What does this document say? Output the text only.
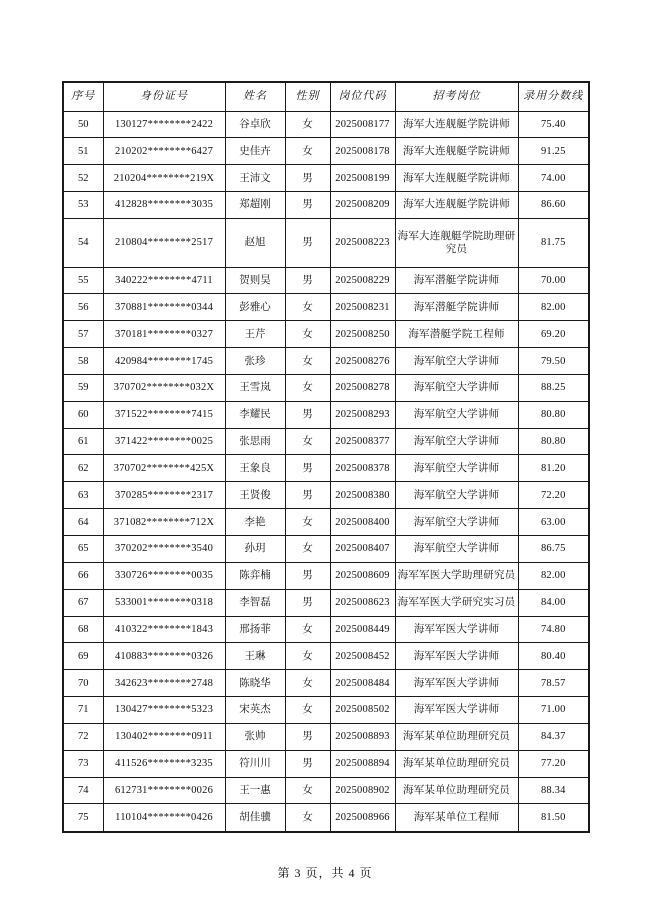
序号	身份证号	姓名	性别	岗位代码	招考岗位	录用分数线
50	130127********2422	谷卓欣	女	2025008177	海军大连舰艇学院讲师	75.40
51	210202********6427	史佳卉	女	2025008178	海军大连舰艇学院讲师	91.25
52	210204********219X	王沛文	男	2025008199	海军大连舰艇学院讲师	74.00
53	412828********3035	郑超刚	男	2025008209	海军大连舰艇学院讲师	86.60
54	210804********2517	赵旭	男	2025008223	海军大连舰艇学院助理研究员	81.75
55	340222********4711	贺则昊	男	2025008229	海军潜艇学院讲师	70.00
56	370881********0344	彭雅心	女	2025008231	海军潜艇学院讲师	82.00
57	370181********0327	王芹	女	2025008250	海军潜艇学院工程师	69.20
58	420984********1745	张珍	女	2025008276	海军航空大学讲师	79.50
59	370702********032X	王雪岚	女	2025008278	海军航空大学讲师	88.25
60	371522********7415	李耀民	男	2025008293	海军航空大学讲师	80.80
61	371422********0025	张思雨	女	2025008377	海军航空大学讲师	80.80
62	370702********425X	王象良	男	2025008378	海军航空大学讲师	81.20
63	370285********2317	王贤俊	男	2025008380	海军航空大学讲师	72.20
64	371082********712X	李艳	女	2025008400	海军航空大学讲师	63.00
65	370202********3540	孙玥	女	2025008407	海军航空大学讲师	86.75
66	330726********0035	陈弈楠	男	2025008609	海军军医大学助理研究员	82.00
67	533001********0318	李智磊	男	2025008623	海军军医大学研究实习员	84.00
68	410322********1843	邢扬菲	女	2025008449	海军军医大学讲师	74.80
69	410883********0326	王琳	女	2025008452	海军军医大学讲师	80.40
70	342623********2748	陈晓华	女	2025008484	海军军医大学讲师	78.57
71	130427********5323	宋英杰	女	2025008502	海军军医大学讲师	71.00
72	130402********0911	张帅	男	2025008893	海军某单位助理研究员	84.37
73	411526********3235	符川川	男	2025008894	海军某单位助理研究员	77.20
74	612731********0026	王一惠	女	2025008902	海军某单位助理研究员	88.34
75	110104********0426	胡佳骥	女	2025008966	海军某单位工程师	81.50
第 3 页，共 4 页
